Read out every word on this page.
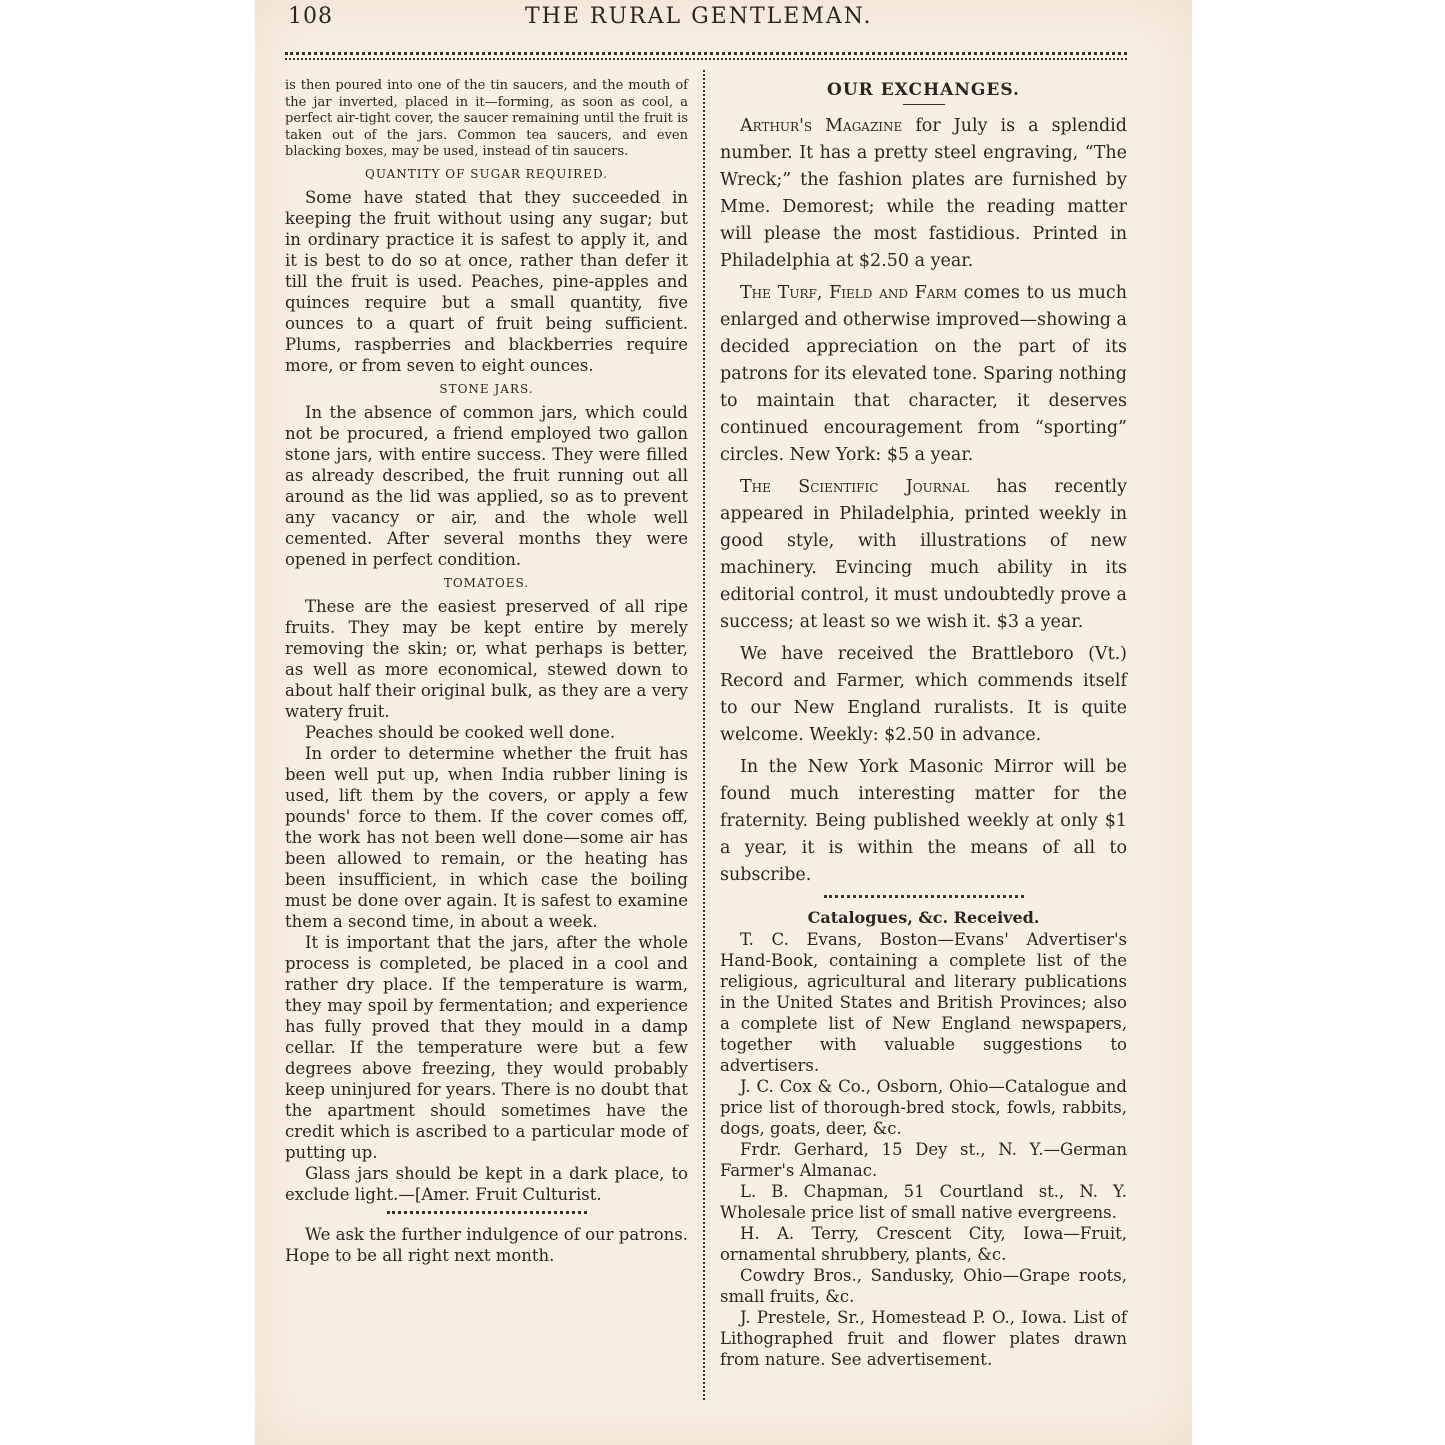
108	THE RURAL GENTLEMAN.

is then poured into one of the tin saucers, and the mouth of the jar inverted, placed in it—forming, as soon as cool, a perfect air-tight cover, the saucer remaining until the fruit is taken out of the jars. Common tea saucers, and even blacking boxes, may be used, instead of tin saucers.

QUANTITY OF SUGAR REQUIRED.

Some have stated that they succeeded in keeping the fruit without using any sugar; but in ordinary practice it is safest to apply it, and it is best to do so at once, rather than defer it till the fruit is used. Peaches, pine-apples and quinces require but a small quantity, five ounces to a quart of fruit being sufficient. Plums, raspberries and blackberries require more, or from seven to eight ounces.

STONE JARS.

In the absence of common jars, which could not be procured, a friend employed two gallon stone jars, with entire success. They were filled as already described, the fruit running out all around as the lid was applied, so as to prevent any vacancy or air, and the whole well cemented. After several months they were opened in perfect condition.

TOMATOES.

These are the easiest preserved of all ripe fruits. They may be kept entire by merely removing the skin; or, what perhaps is better, as well as more economical, stewed down to about half their original bulk, as they are a very watery fruit.

Peaches should be cooked well done.

In order to determine whether the fruit has been well put up, when India rubber lining is used, lift them by the covers, or apply a few pounds' force to them. If the cover comes off, the work has not been well done—some air has been allowed to remain, or the heating has been insufficient, in which case the boiling must be done over again. It is safest to examine them a second time, in about a week.

It is important that the jars, after the whole process is completed, be placed in a cool and rather dry place. If the temperature is warm, they may spoil by fermentation; and experience has fully proved that they mould in a damp cellar. If the temperature were but a few degrees above freezing, they would probably keep uninjured for years. There is no doubt that the apartment should sometimes have the credit which is ascribed to a particular mode of putting up.

Glass jars should be kept in a dark place, to exclude light.—[Amer. Fruit Culturist.

We ask the further indulgence of our patrons. Hope to be all right next month.

OUR EXCHANGES.

Arthur's Magazine for July is a splendid number. It has a pretty steel engraving, “The Wreck;” the fashion plates are furnished by Mme. Demorest; while the reading matter will please the most fastidious. Printed in Philadelphia at $2.50 a year.

The Turf, Field and Farm comes to us much enlarged and otherwise improved—showing a decided appreciation on the part of its patrons for its elevated tone. Sparing nothing to maintain that character, it deserves continued encouragement from “sporting” circles. New York: $5 a year.

The Scientific Journal has recently appeared in Philadelphia, printed weekly in good style, with illustrations of new machinery. Evincing much ability in its editorial control, it must undoubtedly prove a success; at least so we wish it. $3 a year.

We have received the Brattleboro (Vt.) Record and Farmer, which commends itself to our New England ruralists. It is quite welcome. Weekly: $2.50 in advance.

In the New York Masonic Mirror will be found much interesting matter for the fraternity. Being published weekly at only $1 a year, it is within the means of all to subscribe.

Catalogues, &c. Received.

T. C. Evans, Boston—Evans' Advertiser's Hand-Book, containing a complete list of the religious, agricultural and literary publications in the United States and British Provinces; also a complete list of New England newspapers, together with valuable suggestions to advertisers.

J. C. Cox & Co., Osborn, Ohio—Catalogue and price list of thorough-bred stock, fowls, rabbits, dogs, goats, deer, &c.

Frdr. Gerhard, 15 Dey st., N. Y.—German Farmer's Almanac.

L. B. Chapman, 51 Courtland st., N. Y. Wholesale price list of small native evergreens.

H. A. Terry, Crescent City, Iowa—Fruit, ornamental shrubbery, plants, &c.

Cowdry Bros., Sandusky, Ohio—Grape roots, small fruits, &c.

J. Prestele, Sr., Homestead P. O., Iowa. List of Lithographed fruit and flower plates drawn from nature. See advertisement.
